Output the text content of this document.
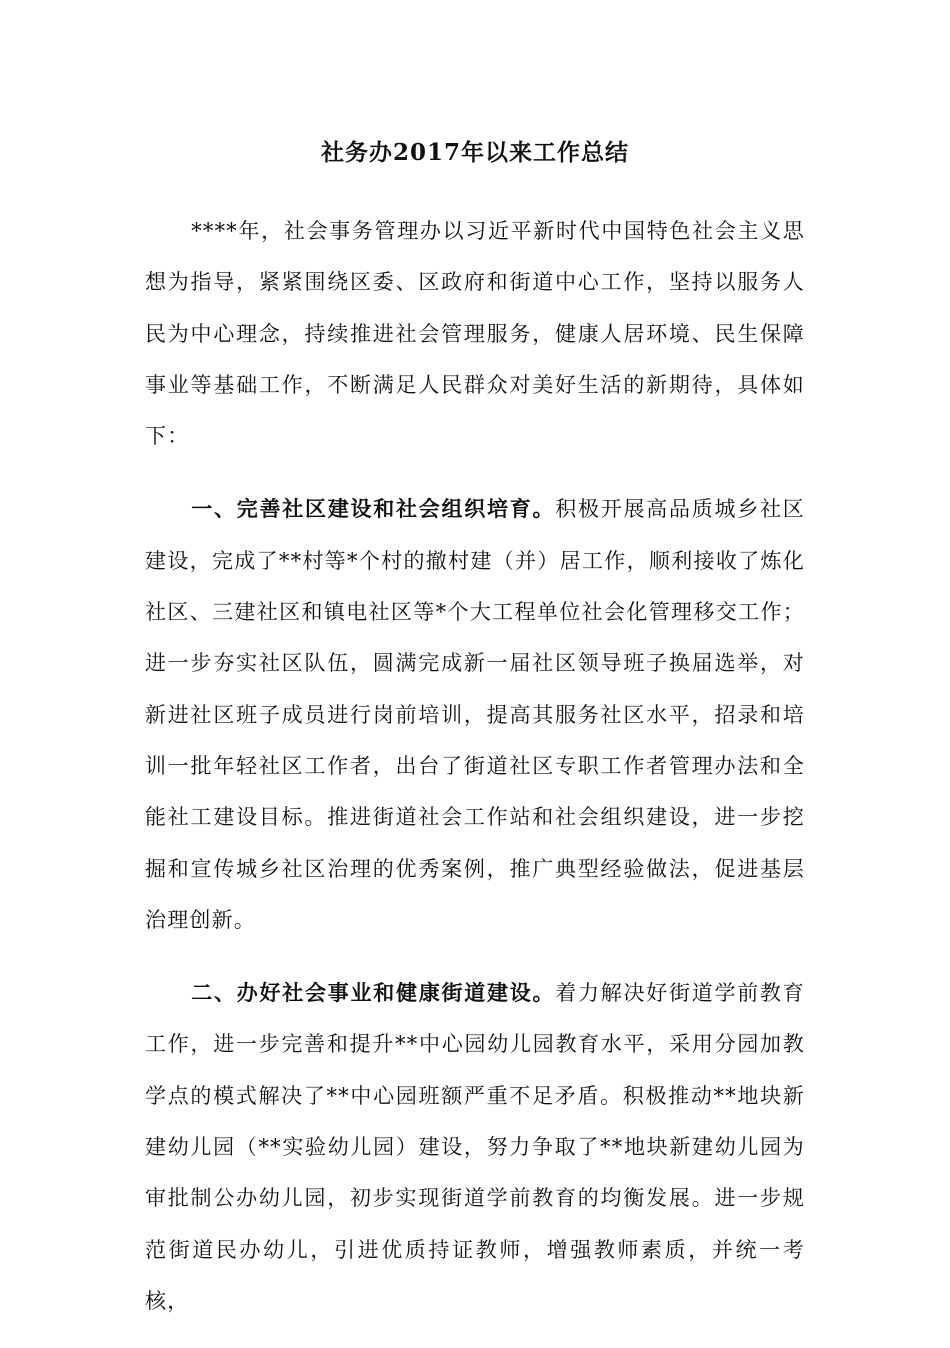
社务办2017年以来工作总结

****年，社会事务管理办以习近平新时代中国特色社会主义思想为指导，紧紧围绕区委、区政府和街道中心工作，坚持以服务人民为中心理念，持续推进社会管理服务，健康人居环境、民生保障事业等基础工作，不断满足人民群众对美好生活的新期待，具体如下：

一、完善社区建设和社会组织培育。积极开展高品质城乡社区建设，完成了**村等*个村的撤村建（并）居工作，顺利接收了炼化社区、三建社区和镇电社区等*个大工程单位社会化管理移交工作；进一步夯实社区队伍，圆满完成新一届社区领导班子换届选举，对新进社区班子成员进行岗前培训，提高其服务社区水平，招录和培训一批年轻社区工作者，出台了街道社区专职工作者管理办法和全能社工建设目标。推进街道社会工作站和社会组织建设，进一步挖掘和宣传城乡社区治理的优秀案例，推广典型经验做法，促进基层治理创新。

二、办好社会事业和健康街道建设。着力解决好街道学前教育工作，进一步完善和提升**中心园幼儿园教育水平，采用分园加教学点的模式解决了**中心园班额严重不足矛盾。积极推动**地块新建幼儿园（**实验幼儿园）建设，努力争取了**地块新建幼儿园为审批制公办幼儿园，初步实现街道学前教育的均衡发展。进一步规范街道民办幼儿，引进优质持证教师，增强教师素质，并统一考核，
